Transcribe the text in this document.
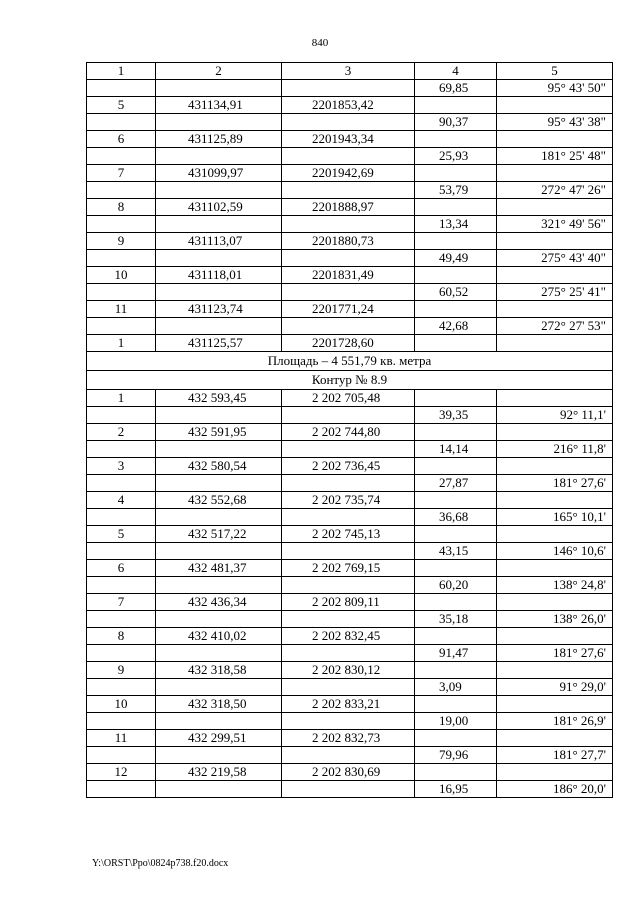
840
1	2	3	4	5
			69,85	95° 43' 50"
5	431134,91	2201853,42		
			90,37	95° 43' 38"
6	431125,89	2201943,34		
			25,93	181° 25' 48"
7	431099,97	2201942,69		
			53,79	272° 47' 26"
8	431102,59	2201888,97		
			13,34	321° 49' 56"
9	431113,07	2201880,73		
			49,49	275° 43' 40"
10	431118,01	2201831,49		
			60,52	275° 25' 41"
11	431123,74	2201771,24		
			42,68	272° 27' 53"
1	431125,57	2201728,60		
Площадь – 4 551,79 кв. метра				
Контур № 8.9				
1	432 593,45	2 202 705,48		
			39,35	92° 11,1'
2	432 591,95	2 202 744,80		
			14,14	216° 11,8'
3	432 580,54	2 202 736,45		
			27,87	181° 27,6'
4	432 552,68	2 202 735,74		
			36,68	165° 10,1'
5	432 517,22	2 202 745,13		
			43,15	146° 10,6'
6	432 481,37	2 202 769,15		
			60,20	138° 24,8'
7	432 436,34	2 202 809,11		
			35,18	138° 26,0'
8	432 410,02	2 202 832,45		
			91,47	181° 27,6'
9	432 318,58	2 202 830,12		
			3,09	91° 29,0'
10	432 318,50	2 202 833,21		
			19,00	181° 26,9'
11	432 299,51	2 202 832,73		
			79,96	181° 27,7'
12	432 219,58	2 202 830,69		
			16,95	186° 20,0'
Y:\ORST\Ppo\0824p738.f20.docx
